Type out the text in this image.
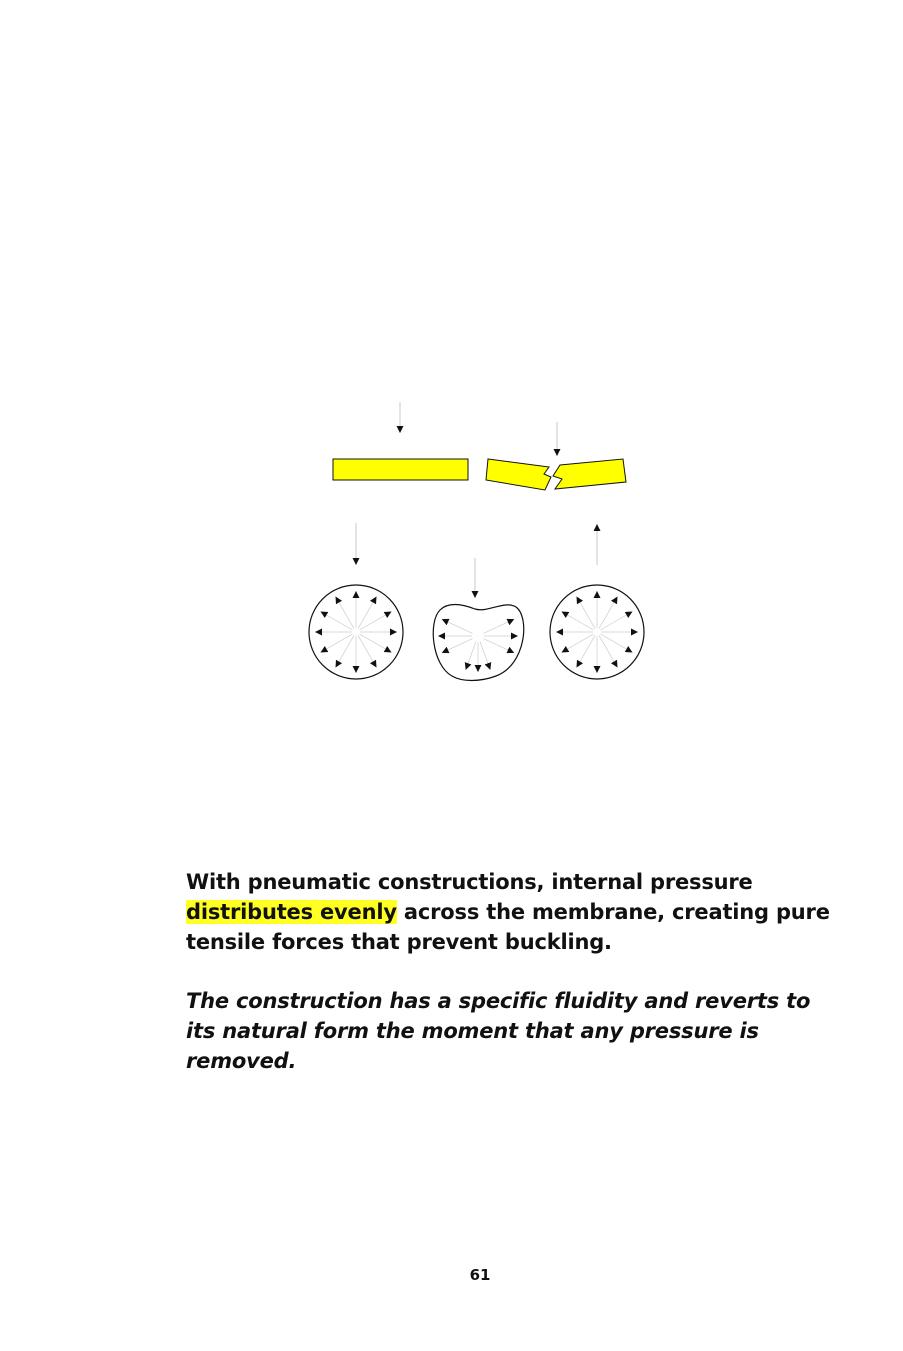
With pneumatic constructions, internal pressure distributes evenly across the membrane, creating pure tensile forces that prevent buckling.
The construction has a specific fluidity and reverts to its natural form the moment that any pressure is removed.
61
